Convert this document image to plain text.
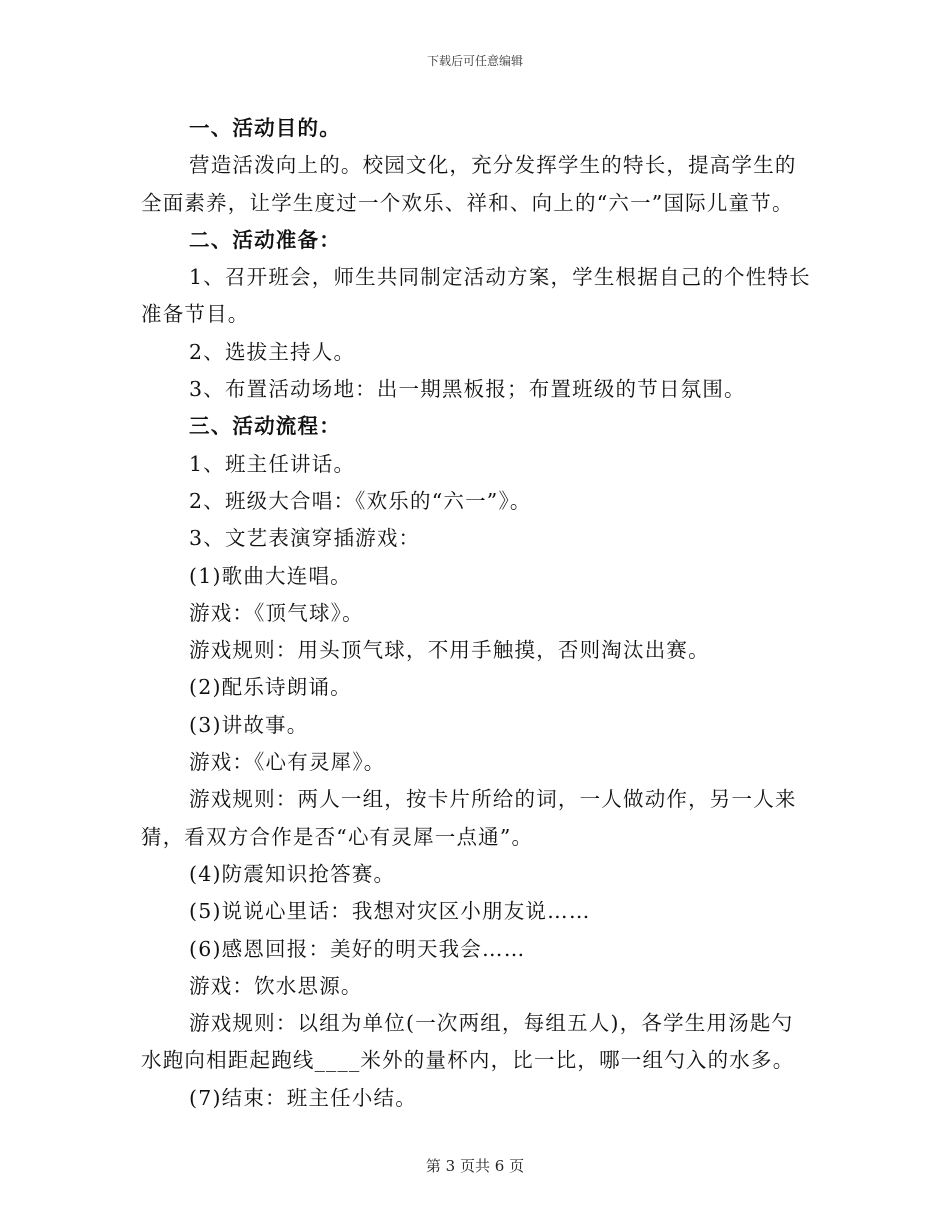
下载后可任意编辑
一、活动目的。
营造活泼向上的。校园文化，充分发挥学生的特长，提高学生的
全面素养，让学生度过一个欢乐、祥和、向上的“六一”国际儿童节。
二、活动准备：
1、召开班会，师生共同制定活动方案，学生根据自己的个性特长
准备节目。
2、选拔主持人。
3、布置活动场地：出一期黑板报；布置班级的节日氛围。
三、活动流程：
1、班主任讲话。
2、班级大合唱：《欢乐的“六一”》。
3、文艺表演穿插游戏：
(1)歌曲大连唱。
游戏：《顶气球》。
游戏规则：用头顶气球，不用手触摸，否则淘汰出赛。
(2)配乐诗朗诵。
(3)讲故事。
游戏：《心有灵犀》。
游戏规则：两人一组，按卡片所给的词，一人做动作，另一人来
猜，看双方合作是否“心有灵犀一点通”。
(4)防震知识抢答赛。
(5)说说心里话：我想对灾区小朋友说……
(6)感恩回报：美好的明天我会……
游戏：饮水思源。
游戏规则：以组为单位(一次两组，每组五人)，各学生用汤匙勺
水跑向相距起跑线____米外的量杯内，比一比，哪一组勺入的水多。
(7)结束：班主任小结。
第 3 页共 6 页
